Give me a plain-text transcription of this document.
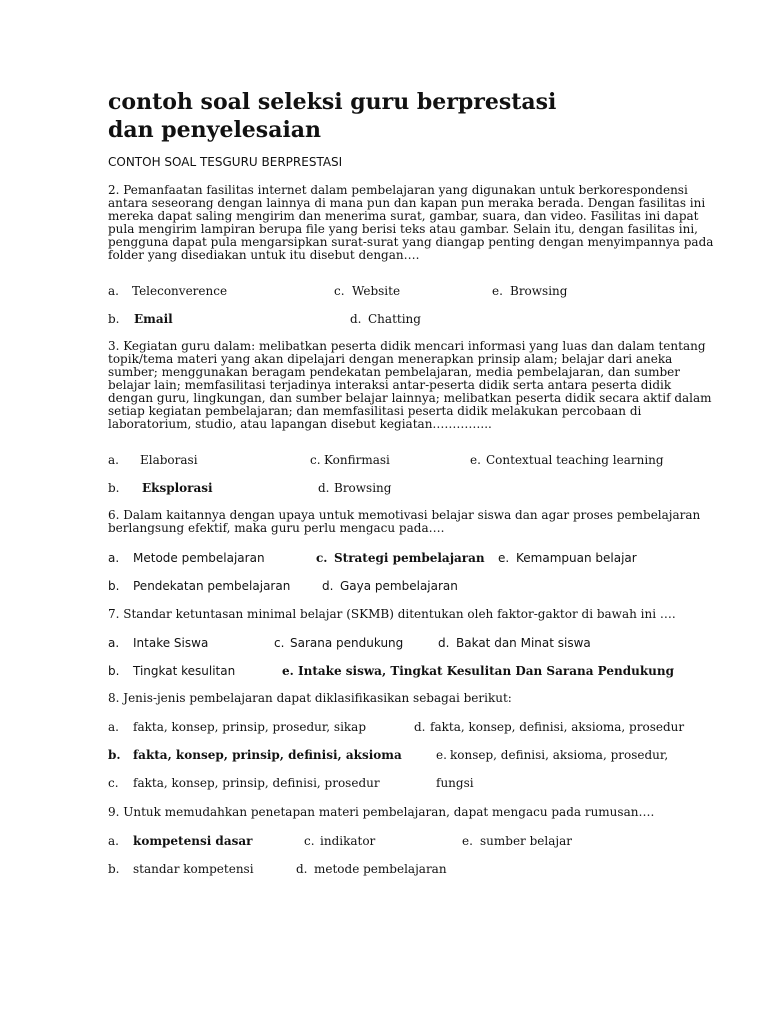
contoh soal seleksi guru berprestasi
dan penyelesaian
CONTOH SOAL TESGURU BERPRESTASI
2. Pemanfaatan fasilitas internet dalam pembelajaran yang digunakan untuk berkorespondensi
antara seseorang dengan lainnya di mana pun dan kapan pun meraka berada. Dengan fasilitas ini
mereka dapat saling mengirim dan menerima surat, gambar, suara, dan video. Fasilitas ini dapat
pula mengirim lampiran berupa file yang berisi teks atau gambar. Selain itu, dengan fasilitas ini,
pengguna dapat pula mengarsipkan surat-surat yang diangap penting dengan menyimpannya pada
folder yang disediakan untuk itu disebut dengan….
a. Teleconverence	c. Website	e. Browsing
b. Email	d. Chatting
3. Kegiatan guru dalam: melibatkan peserta didik mencari informasi yang luas dan dalam tentang
topik/tema materi yang akan dipelajari dengan menerapkan prinsip alam; belajar dari aneka
sumber; menggunakan beragam pendekatan pembelajaran, media pembelajaran, dan sumber
belajar lain; memfasilitasi terjadinya interaksi antar-peserta didik serta antara peserta didik
dengan guru, lingkungan, dan sumber belajar lainnya; melibatkan peserta didik secara aktif dalam
setiap kegiatan pembelajaran; dan memfasilitasi peserta didik melakukan percobaan di
laboratorium, studio, atau lapangan disebut kegiatan…………...
a. Elaborasi	c. Konfirmasi	e. Contextual teaching learning
b. Eksplorasi	d. Browsing
6. Dalam kaitannya dengan upaya untuk memotivasi belajar siswa dan agar proses pembelajaran
berlangsung efektif, maka guru perlu mengacu pada….
a. Metode pembelajaran	c. Strategi pembelajaran e. Kemampuan belajar
b. Pendekatan pembelajaran	d. Gaya pembelajaran
7. Standar ketuntasan minimal belajar (SKMB) ditentukan oleh faktor-gaktor di bawah ini ….
a. Intake Siswa	c. Sarana pendukung	d. Bakat dan Minat siswa
b. Tingkat kesulitan	e. Intake siswa, Tingkat Kesulitan Dan Sarana Pendukung
8. Jenis-jenis pembelajaran dapat diklasifikasikan sebagai berikut:
a. fakta, konsep, prinsip, prosedur, sikap	d. fakta, konsep, definisi, aksioma, prosedur
b. fakta, konsep, prinsip, definisi, aksioma	e. konsep, definisi, aksioma, prosedur,
c. fakta, konsep, prinsip, definisi, prosedur	fungsi
9. Untuk memudahkan penetapan materi pembelajaran, dapat mengacu pada rumusan….
a. kompetensi dasar	c. indikator	e. sumber belajar
b. standar kompetensi	d. metode pembelajaran
